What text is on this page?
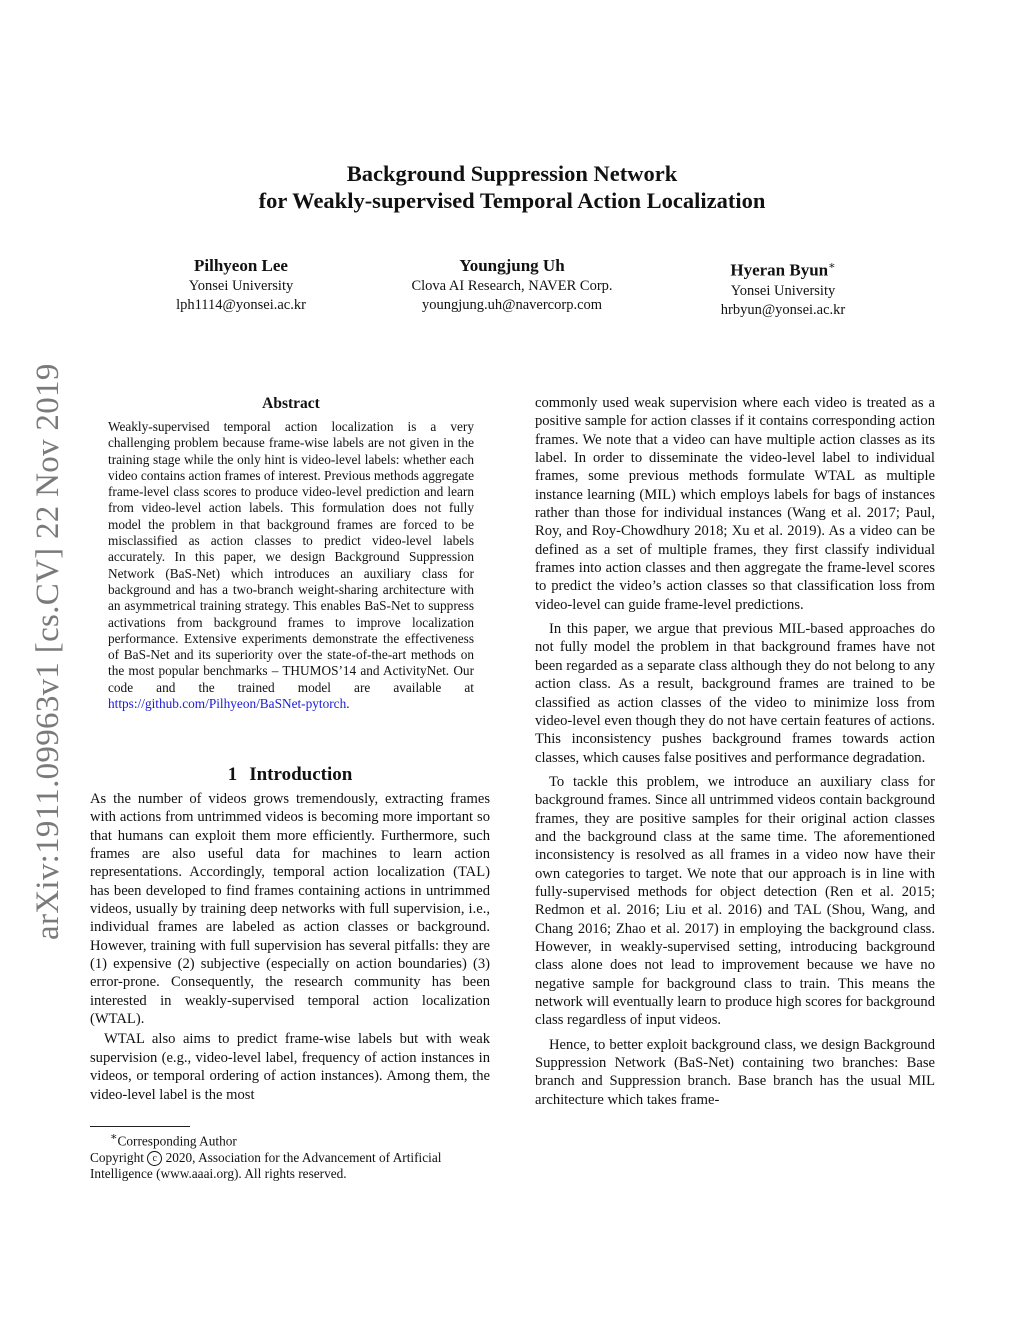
arXiv:1911.09963v1 [cs.CV] 22 Nov 2019
Background Suppression Network
for Weakly-supervised Temporal Action Localization
Pilhyeon Lee
Yonsei University
lph1114@yonsei.ac.kr
Youngjung Uh
Clova AI Research, NAVER Corp.
youngjung.uh@navercorp.com
Hyeran Byun∗
Yonsei University
hrbyun@yonsei.ac.kr
Abstract

Weakly-supervised temporal action localization is a very challenging problem because frame-wise labels are not given in the training stage while the only hint is video-level labels: whether each video contains action frames of interest. Previous methods aggregate frame-level class scores to produce video-level prediction and learn from video-level action labels. This formulation does not fully model the problem in that background frames are forced to be misclassified as action classes to predict video-level labels accurately. In this paper, we design Background Suppression Network (BaS-Net) which introduces an auxiliary class for background and has a two-branch weight-sharing architecture with an asymmetrical training strategy. This enables BaS-Net to suppress activations from background frames to improve localization performance. Extensive experiments demonstrate the effectiveness of BaS-Net and its superiority over the state-of-the-art methods on the most popular benchmarks – THUMOS’14 and ActivityNet. Our code and the trained model are available at https://github.com/Pilhyeon/BaSNet-pytorch.

1 Introduction

As the number of videos grows tremendously, extracting frames with actions from untrimmed videos is becoming more important so that humans can exploit them more efficiently. Furthermore, such frames are also useful data for machines to learn action representations. Accordingly, temporal action localization (TAL) has been developed to find frames containing actions in untrimmed videos, usually by training deep networks with full supervision, i.e., individual frames are labeled as action classes or background. However, training with full supervision has several pitfalls: they are (1) expensive (2) subjective (especially on action boundaries) (3) error-prone. Consequently, the research community has been interested in weakly-supervised temporal action localization (WTAL).

WTAL also aims to predict frame-wise labels but with weak supervision (e.g., video-level label, frequency of action instances in videos, or temporal ordering of action instances). Among them, the video-level label is the most

∗Corresponding Author

Copyright c 2020, Association for the Advancement of Artificial Intelligence (www.aaai.org). All rights reserved.

commonly used weak supervision where each video is treated as a positive sample for action classes if it contains corresponding action frames. We note that a video can have multiple action classes as its label. In order to disseminate the video-level label to individual frames, some previous methods formulate WTAL as multiple instance learning (MIL) which employs labels for bags of instances rather than those for individual instances (Wang et al. 2017; Paul, Roy, and Roy-Chowdhury 2018; Xu et al. 2019). As a video can be defined as a set of multiple frames, they first classify individual frames into action classes and then aggregate the frame-level scores to predict the video’s action classes so that classification loss from video-level can guide frame-level predictions.

In this paper, we argue that previous MIL-based approaches do not fully model the problem in that background frames have not been regarded as a separate class although they do not belong to any action class. As a result, background frames are trained to be classified as action classes of the video to minimize loss from video-level even though they do not have certain features of actions. This inconsistency pushes background frames towards action classes, which causes false positives and performance degradation.

To tackle this problem, we introduce an auxiliary class for background frames. Since all untrimmed videos contain background frames, they are positive samples for their original action classes and the background class at the same time. The aforementioned inconsistency is resolved as all frames in a video now have their own categories to target. We note that our approach is in line with fully-supervised methods for object detection (Ren et al. 2015; Redmon et al. 2016; Liu et al. 2016) and TAL (Shou, Wang, and Chang 2016; Zhao et al. 2017) in employing the background class. However, in weakly-supervised setting, introducing background class alone does not lead to improvement because we have no negative sample for background class to train. This means the network will eventually learn to produce high scores for background class regardless of input videos.

Hence, to better exploit background class, we design Background Suppression Network (BaS-Net) containing two branches: Base branch and Suppression branch. Base branch has the usual MIL architecture which takes frame-
